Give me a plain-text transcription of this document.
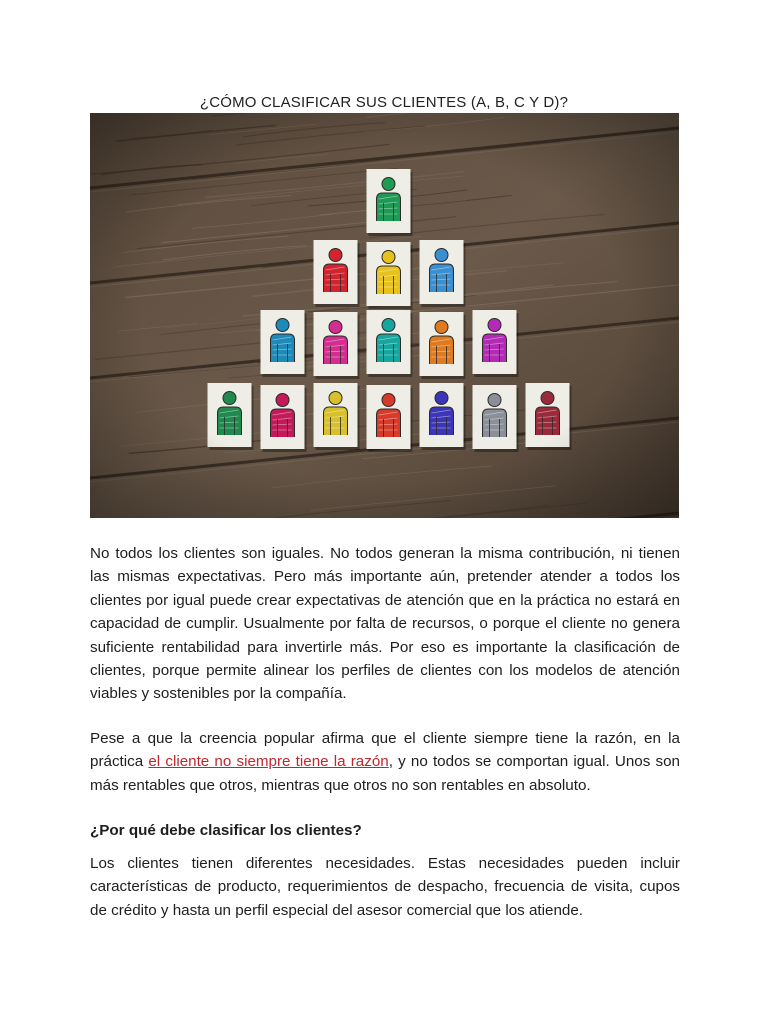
¿CÓMO CLASIFICAR SUS CLIENTES (A, B, C Y D)?

No todos los clientes son iguales. No todos generan la misma contribución, ni tienen las mismas expectativas. Pero más importante aún, pretender atender a todos los clientes por igual puede crear expectativas de atención que en la práctica no estará en capacidad de cumplir. Usualmente por falta de recursos, o porque el cliente no genera suficiente rentabilidad para invertirle más. Por eso es importante la clasificación de clientes, porque permite alinear los perfiles de clientes con los modelos de atención viables y sostenibles por la compañía.

Pese a que la creencia popular afirma que el cliente siempre tiene la razón, en la práctica el cliente no siempre tiene la razón, y no todos se comportan igual. Unos son más rentables que otros, mientras que otros no son rentables en absoluto.

¿Por qué debe clasificar los clientes?

Los clientes tienen diferentes necesidades. Estas necesidades pueden incluir características de producto, requerimientos de despacho, frecuencia de visita, cupos de crédito y hasta un perfil especial del asesor comercial que los atiende.
